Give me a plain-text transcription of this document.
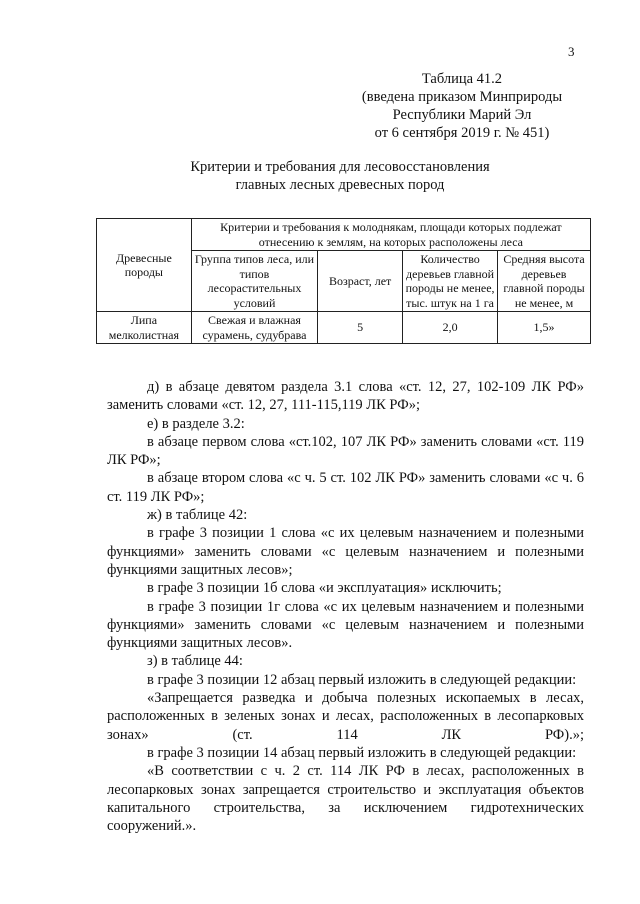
3
Таблица 41.2
(введена приказом Минприроды
Республики Марий Эл
от 6 сентября 2019 г. № 451)
Критерии и требования для лесовосстановления
главных лесных древесных пород
Древесные породы	Критерии и требования к молоднякам, площади которых подлежат отнесению к землям, на которых расположены леса			
	Группа типов леса, или типов лесорастительных условий	Возраст, лет	Количество деревьев главной породы не менее, тыс. штук на 1 га	Средняя высота деревьев главной породы не менее, м
Липа мелколистная	Свежая и влажная сурамень, судубрава	5	2,0	1,5»

д) в абзаце девятом раздела 3.1 слова «ст. 12, 27, 102-109 ЛК РФ» заменить словами «ст. 12, 27, 111-115,119 ЛК РФ»;

е) в разделе 3.2:

в абзаце первом слова «ст.102, 107 ЛК РФ» заменить словами «ст. 119 ЛК РФ»;

в абзаце втором слова «с ч. 5 ст. 102 ЛК РФ» заменить словами «с ч. 6 ст. 119 ЛК РФ»;

ж) в таблице 42:

в графе 3 позиции 1 слова «с их целевым назначением и полезными функциями» заменить словами «с целевым назначением и полезными функциями защитных лесов»;

в графе 3 позиции 1б слова «и эксплуатация» исключить;

в графе 3 позиции 1г слова «с их целевым назначением и полезными функциями» заменить словами «с целевым назначением и полезными функциями защитных лесов».

з) в таблице 44:

в графе 3 позиции 12 абзац первый изложить в следующей редакции:

«Запрещается разведка и добыча полезных ископаемых в лесах, расположенных в зеленых зонах и лесах, расположенных в лесопарковых зонах» (ст. 114 ЛК РФ).»;

в графе 3 позиции 14 абзац первый изложить в следующей редакции:

«В соответствии с ч. 2 ст. 114 ЛК РФ в лесах, расположенных в лесопарковых зонах запрещается строительство и эксплуатация объектов капитального строительства, за исключением гидротехнических сооружений.».
